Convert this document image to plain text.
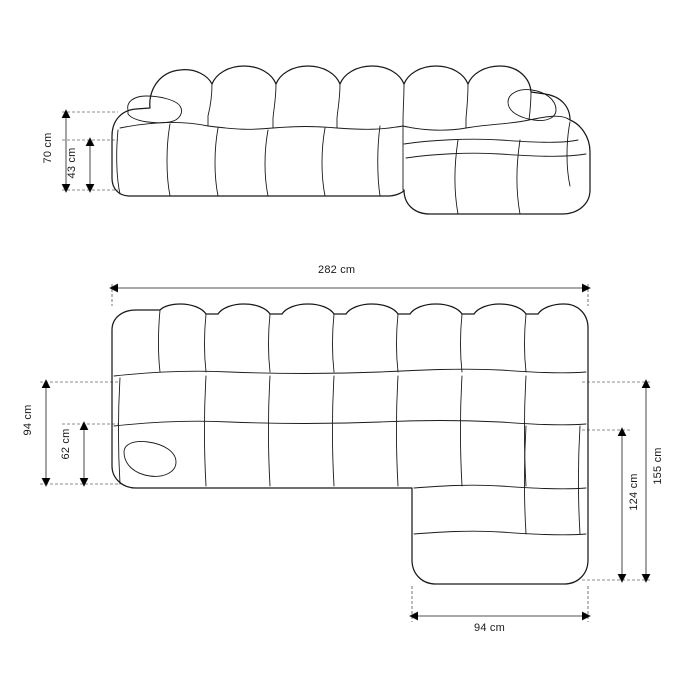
70 cm 43 cm
282 cm
94 cm
62 cm
155 cm
124 cm
94 cm
